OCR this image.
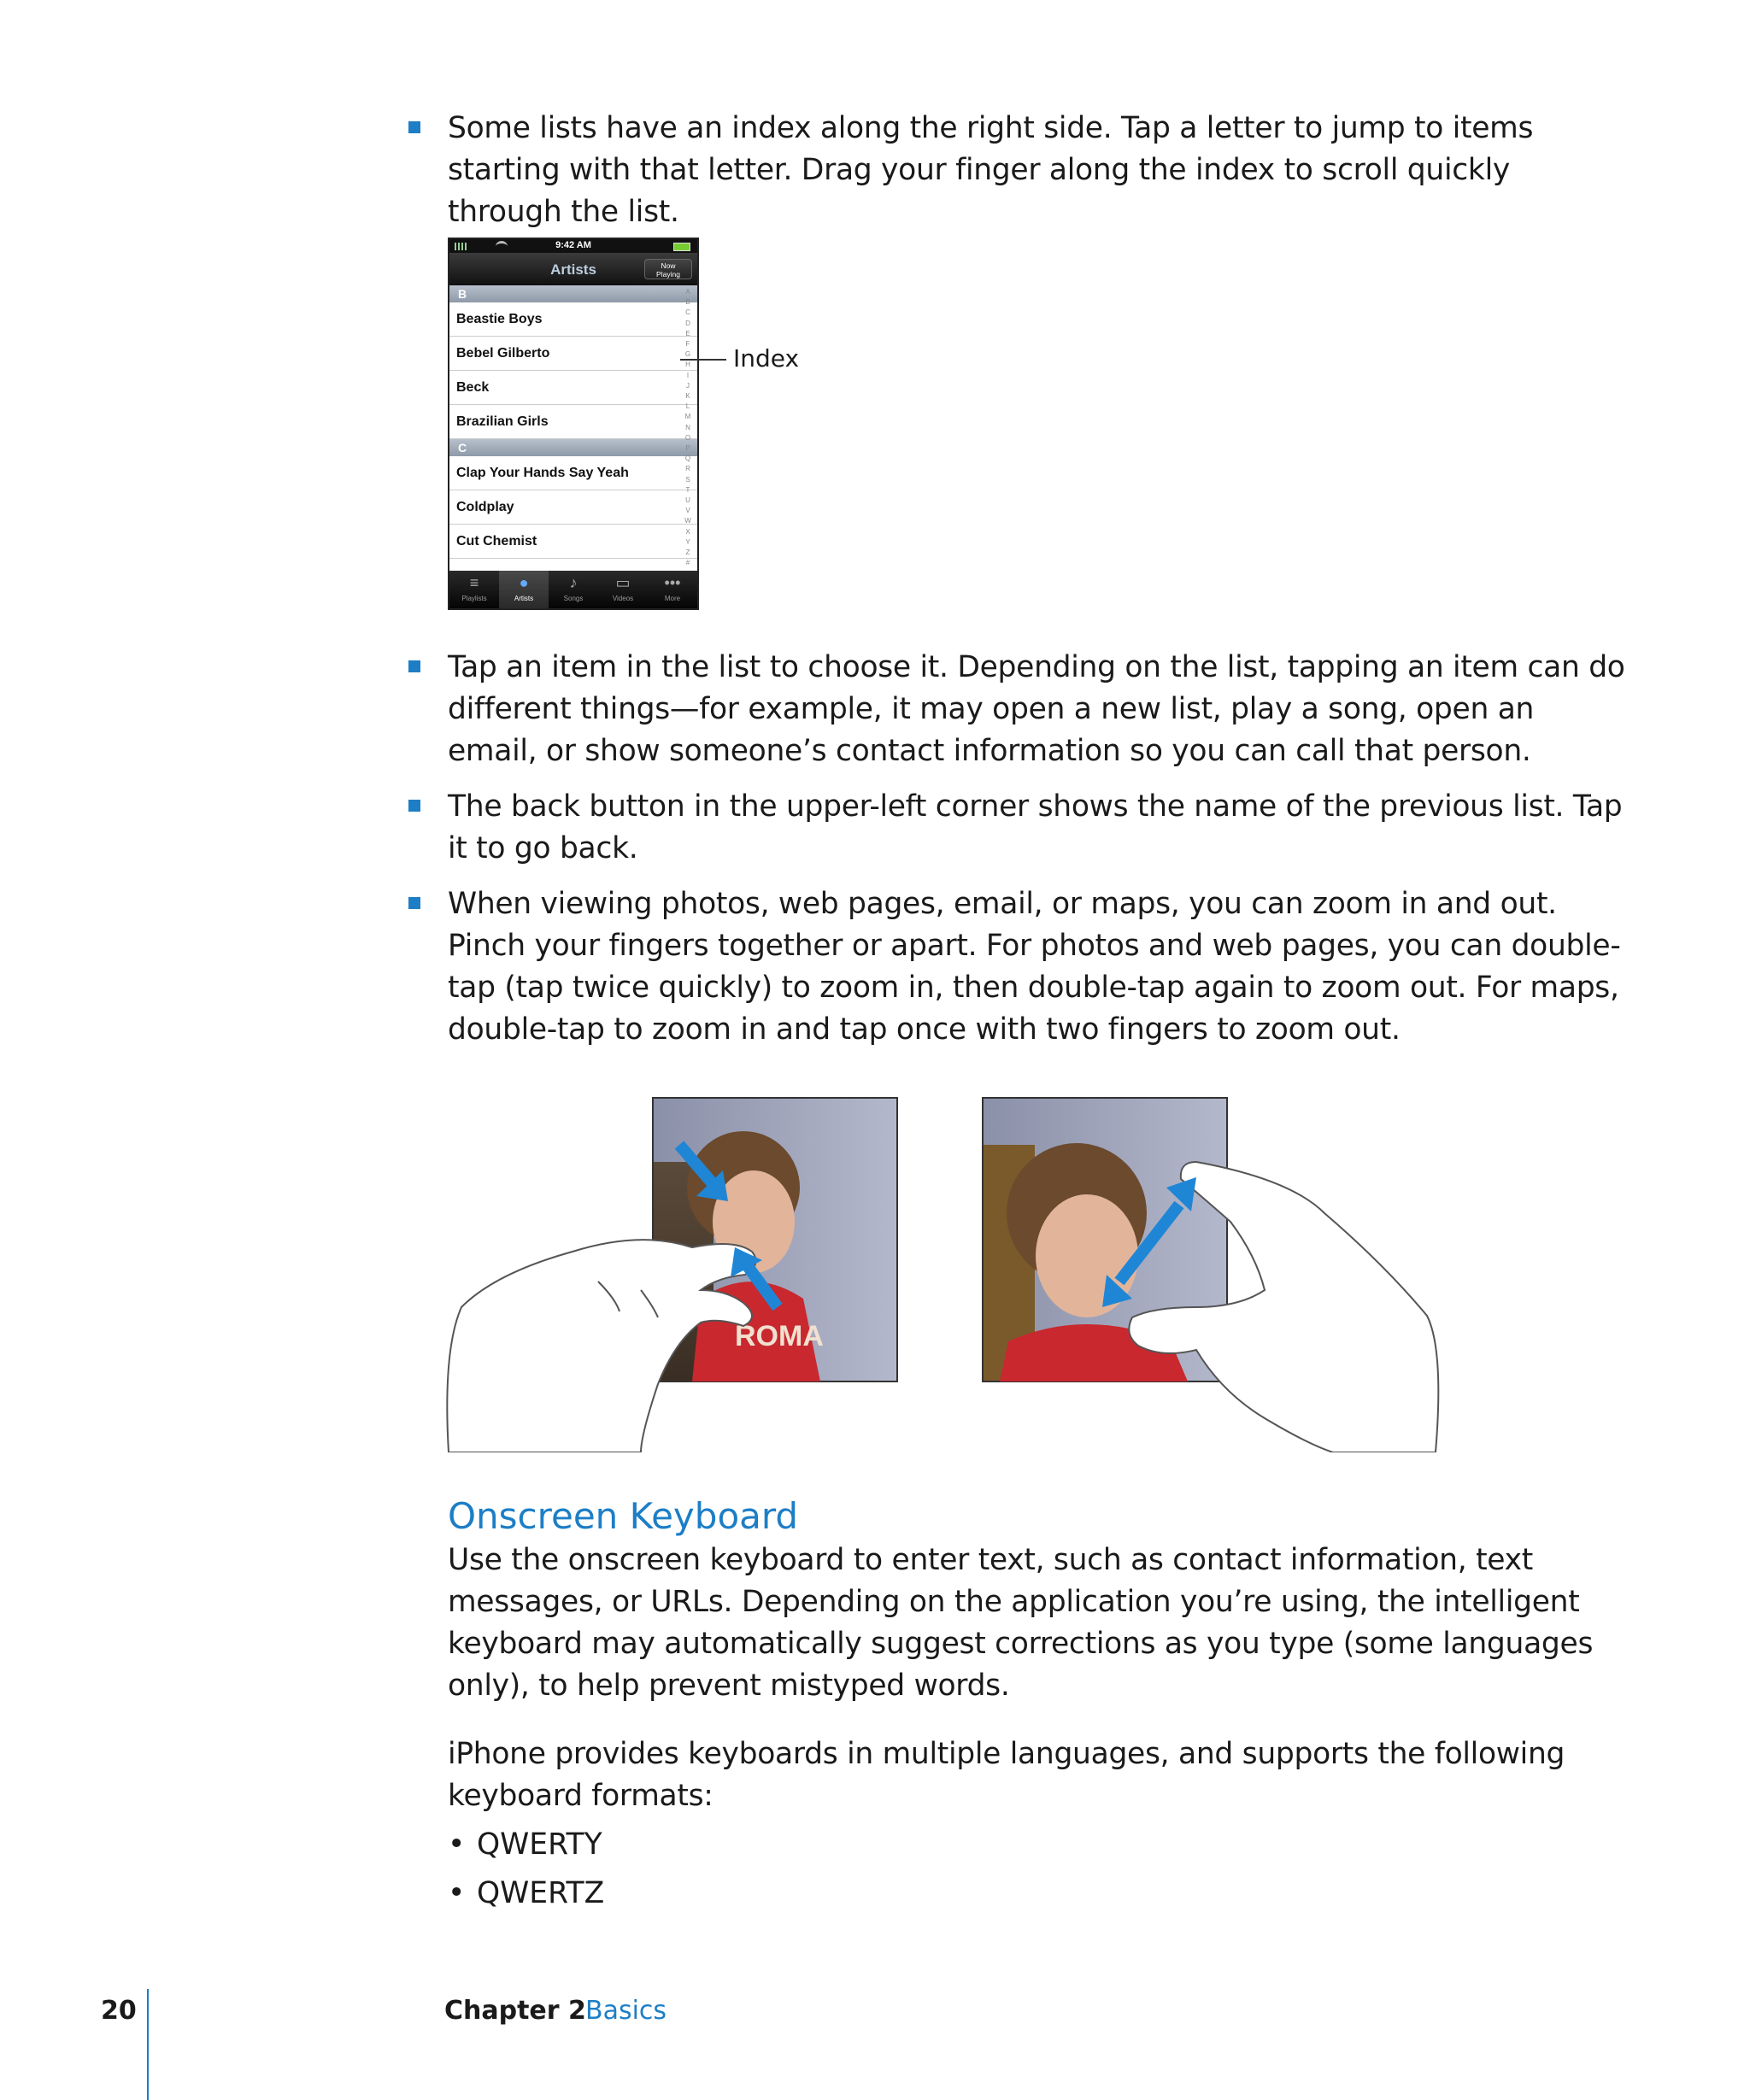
Some lists have an index along the right side. Tap a letter to jump to items starting with that letter. Drag your finger along the index to scroll quickly through the list.
9:42 AM
Artists	Now
Playing
B
Beastie Boys
Bebel Gilberto
Beck
Brazilian Girls
C
Clap Your Hands Say Yeah
Coldplay
Cut Chemist
A
B
C
D
E
F
G
H
I
J
K
L
M
N
O
P
Q
R
S
T
U
V
W
X
Y
Z
#
≡
Playlists
●
Artists
♪
Songs
▭
Videos
•••
More
Index
Tap an item in the list to choose it. Depending on the list, tapping an item can do different things—for example, it may open a new list, play a song, open an email, or show someone’s contact information so you can call that person.
The back button in the upper-left corner shows the name of the previous list. Tap it to go back.
When viewing photos, web pages, email, or maps, you can zoom in and out. Pinch your fingers together or apart. For photos and web pages, you can double-tap (tap twice quickly) to zoom in, then double-tap again to zoom out. For maps, double-tap to zoom in and tap once with two fingers to zoom out.
ROMA
Onscreen Keyboard
Use the onscreen keyboard to enter text, such as contact information, text messages, or URLs. Depending on the application you’re using, the intelligent keyboard may automatically suggest corrections as you type (some languages only), to help prevent mistyped words.
iPhone provides keyboards in multiple languages, and supports the following keyboard formats:
• QWERTY
• QWERTZ
20	Chapter 2 Basics
